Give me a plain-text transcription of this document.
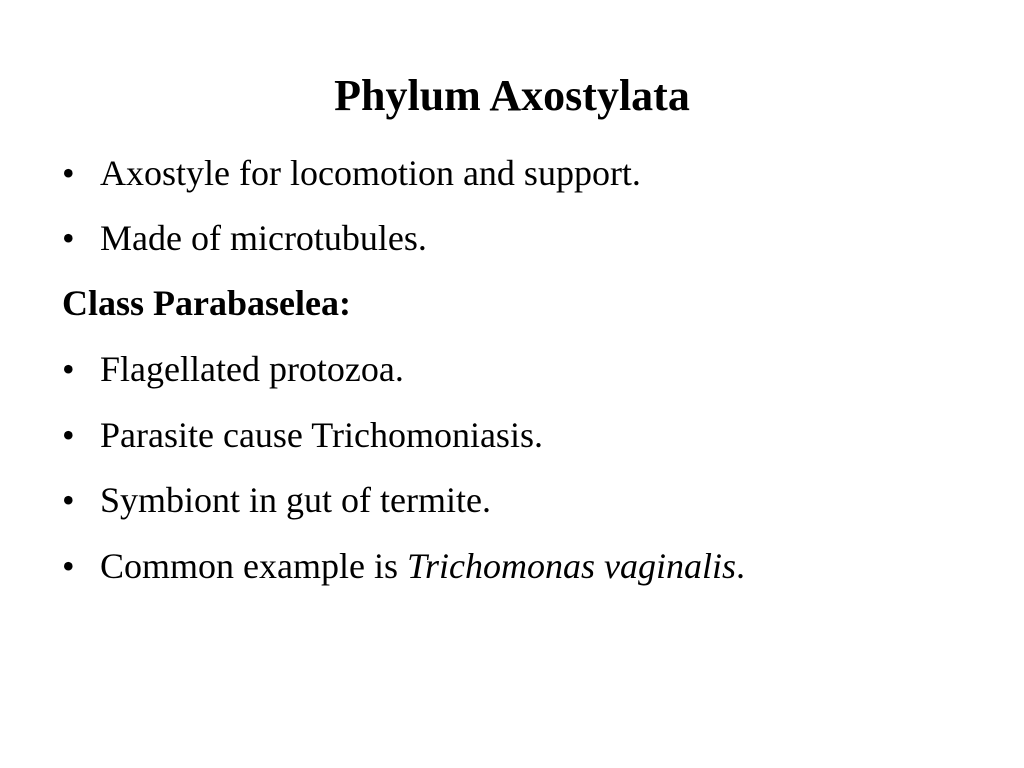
Phylum Axostylata
• Axostyle for locomotion and support.
• Made of microtubules.
Class Parabaselea:
• Flagellated protozoa.
• Parasite cause Trichomoniasis.
• Symbiont in gut of termite.
• Common example is Trichomonas vaginalis.
